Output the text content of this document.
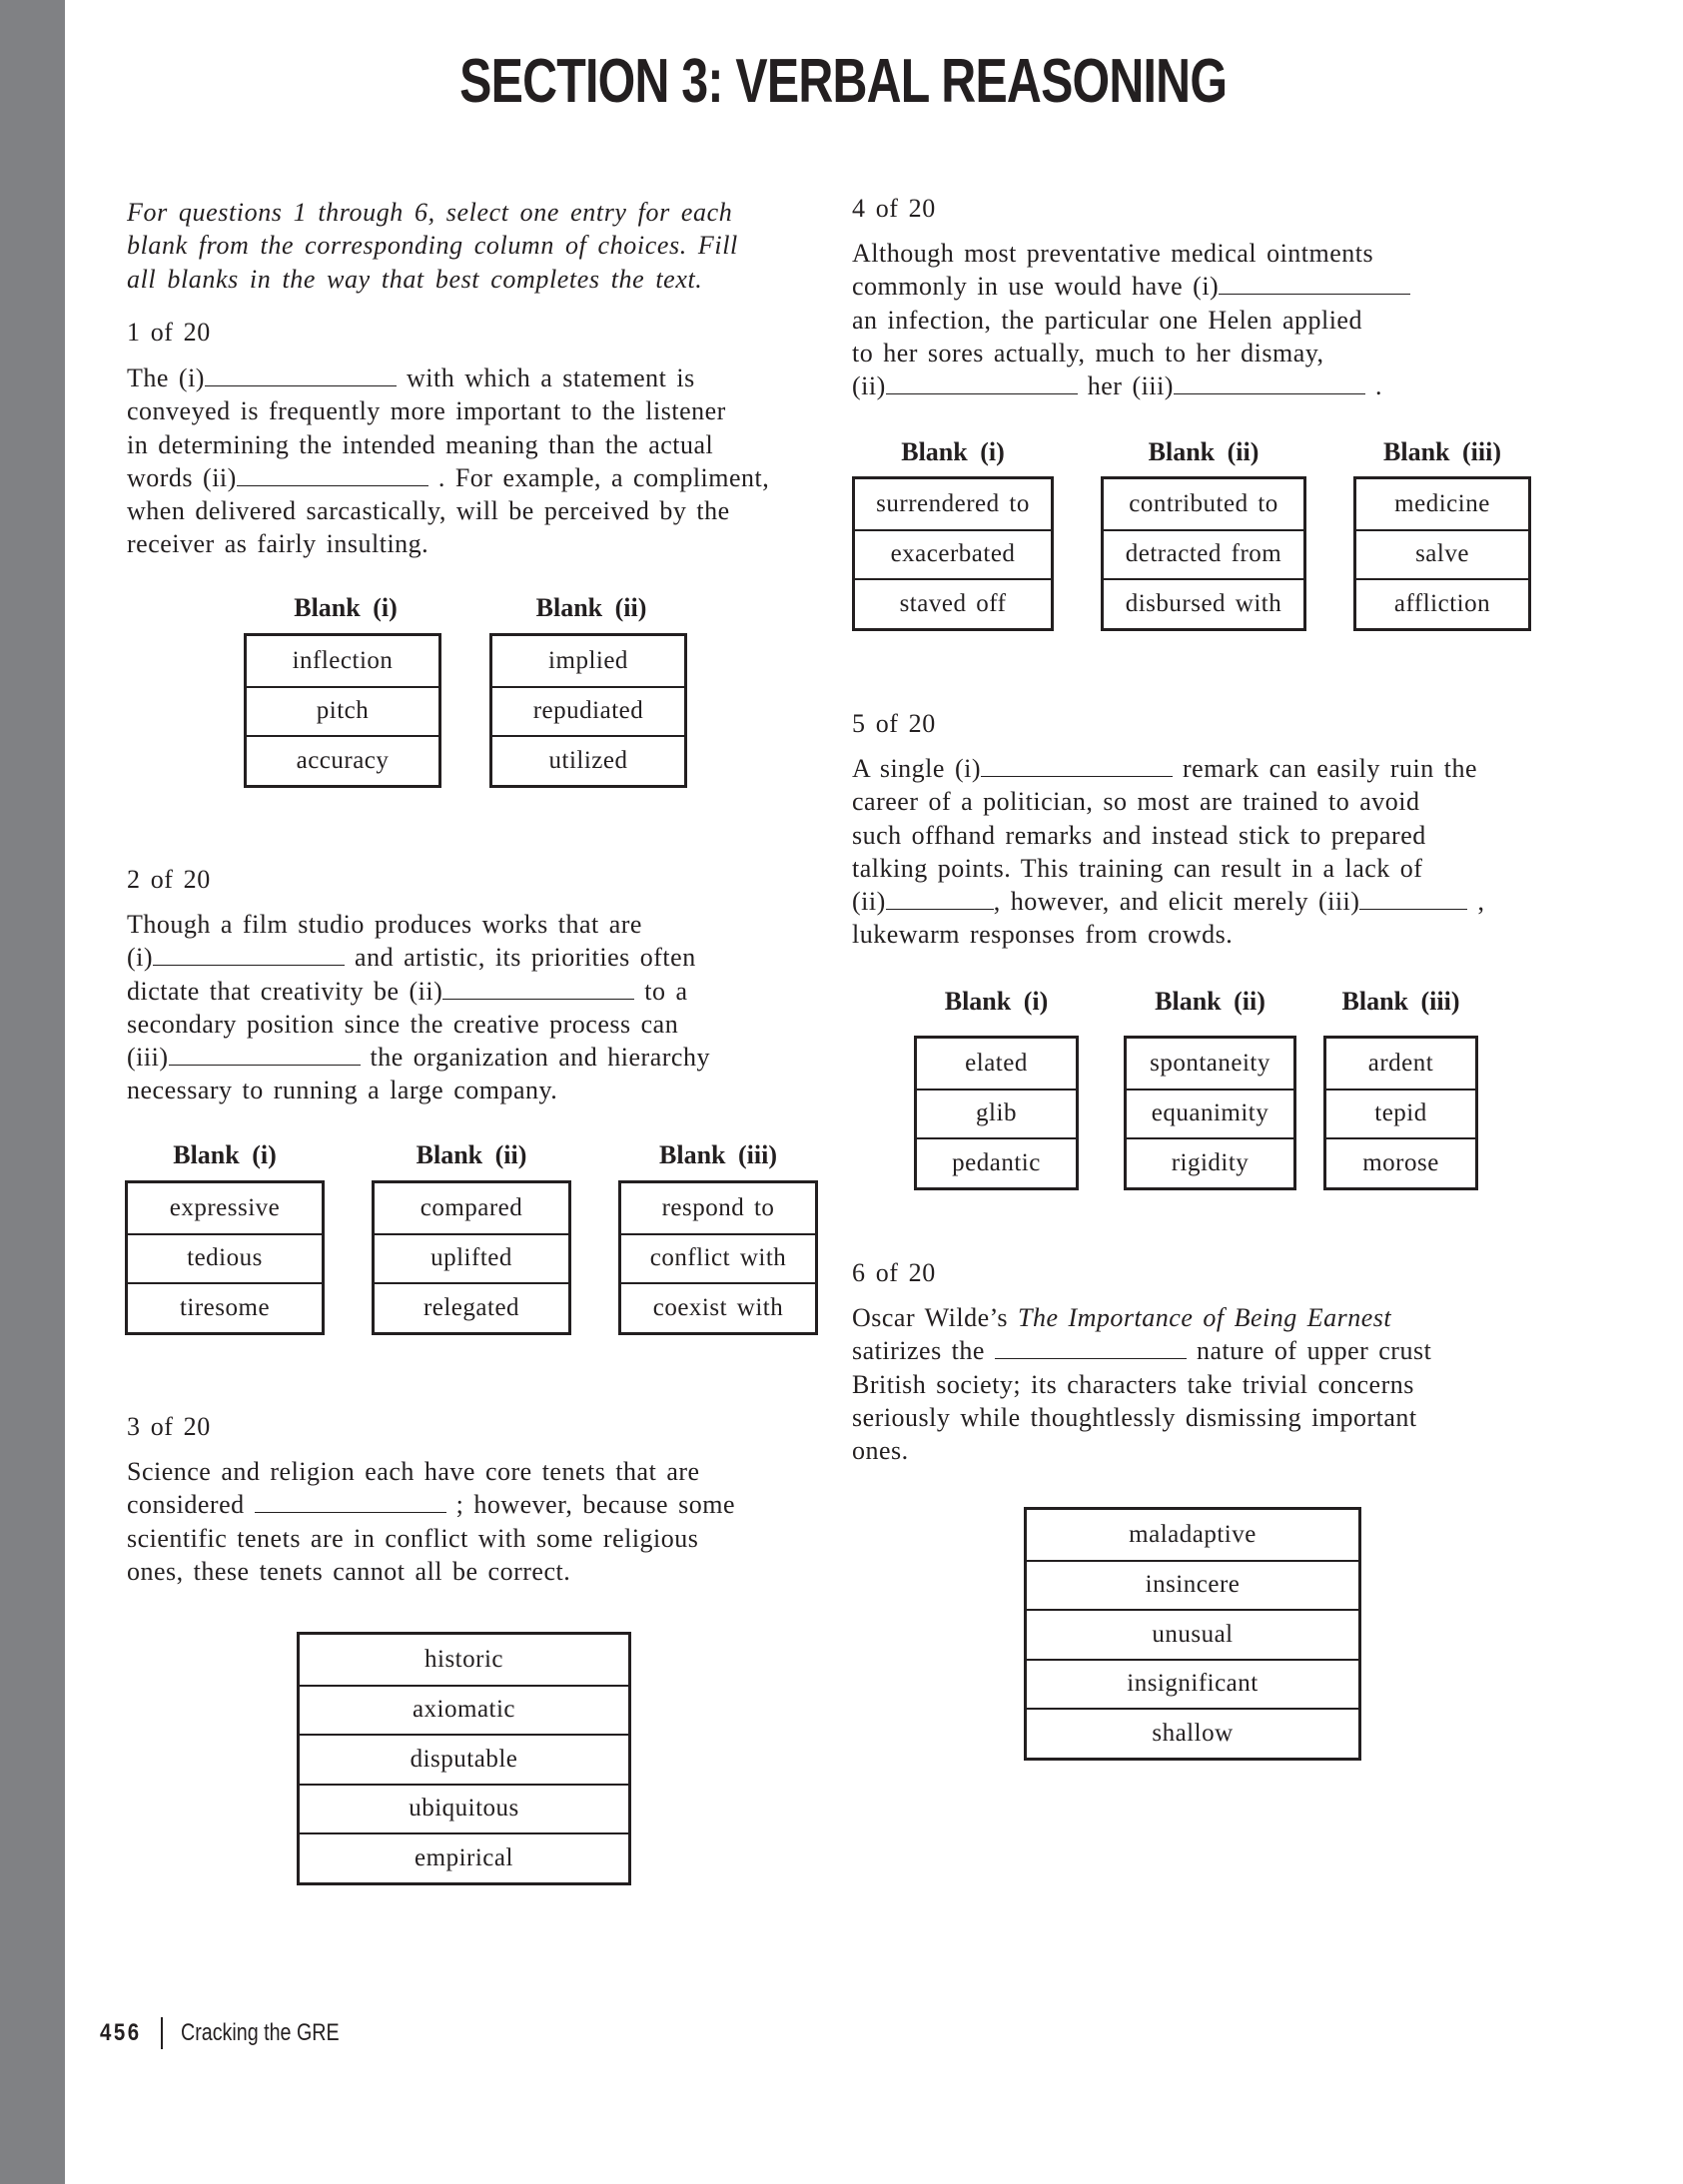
SECTION 3: VERBAL REASONING
For questions 1 through 6, select one entry for each
blank from the corresponding column of choices. Fill
all blanks in the way that best completes the text.
1 of 20
The (i)	with which a statement is
conveyed is frequently more important to the listener
in determining the intended meaning than the actual
words (ii)	. For example, a compliment,
when delivered sarcastically, will be perceived by the
receiver as fairly insulting.
Blank (i)
inflection
pitch
accuracy
Blank (ii)
implied
repudiated
utilized
2 of 20
Though a film studio produces works that are
(i)	and artistic, its priorities often
dictate that creativity be (ii)	to a
secondary position since the creative process can
(iii)	the organization and hierarchy
necessary to running a large company.
Blank (i)
expressive
tedious
tiresome
Blank (ii)
compared
uplifted
relegated
Blank (iii)
respond to
conflict with
coexist with
3 of 20
Science and religion each have core tenets that are
considered	; however, because some
scientific tenets are in conflict with some religious
ones, these tenets cannot all be correct.
historic
axiomatic
disputable
ubiquitous
empirical
4 of 20
Although most preventative medical ointments
commonly in use would have (i)
an infection, the particular one Helen applied
to her sores actually, much to her dismay,
(ii)	her (iii)	.
Blank (i)
surrendered to
exacerbated
staved off
Blank (ii)
contributed to
detracted from
disbursed with
Blank (iii)
medicine
salve
affliction
5 of 20
A single (i)	remark can easily ruin the
career of a politician, so most are trained to avoid
such offhand remarks and instead stick to prepared
talking points. This training can result in a lack of
(ii)	, however, and elicit merely (iii)	,
lukewarm responses from crowds.
Blank (i)
elated
glib
pedantic
Blank (ii)
spontaneity
equanimity
rigidity
Blank (iii)
ardent
tepid
morose
6 of 20
Oscar Wilde’s The Importance of Being Earnest
satirizes the	nature of upper crust
British society; its characters take trivial concerns
seriously while thoughtlessly dismissing important
ones.
maladaptive
insincere
unusual
insignificant
shallow
456 Cracking the GRE
